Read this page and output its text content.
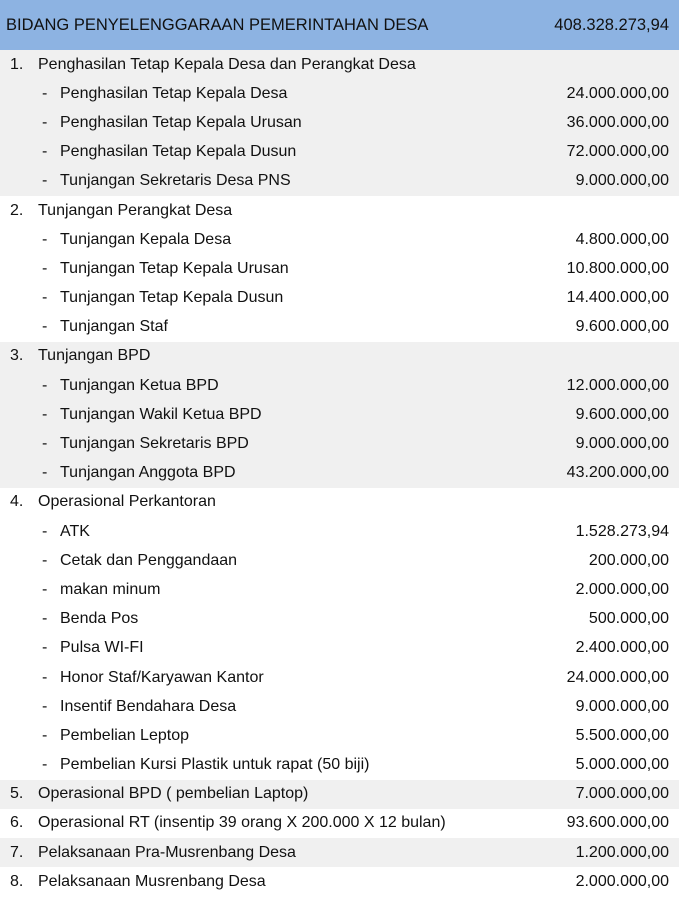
BIDANG PENYELENGGARAAN PEMERINTAHAN DESA	408.328.273,94
1. Penghasilan Tetap Kepala Desa dan Perangkat Desa
- Penghasilan Tetap Kepala Desa	24.000.000,00
- Penghasilan Tetap Kepala Urusan	36.000.000,00
- Penghasilan Tetap Kepala Dusun	72.000.000,00
- Tunjangan Sekretaris Desa PNS	9.000.000,00
2. Tunjangan Perangkat Desa
- Tunjangan Kepala Desa	4.800.000,00
- Tunjangan Tetap Kepala Urusan	10.800.000,00
- Tunjangan Tetap Kepala Dusun	14.400.000,00
- Tunjangan Staf	9.600.000,00
3. Tunjangan BPD
- Tunjangan Ketua BPD	12.000.000,00
- Tunjangan Wakil Ketua BPD	9.600.000,00
- Tunjangan Sekretaris BPD	9.000.000,00
- Tunjangan Anggota BPD	43.200.000,00
4. Operasional Perkantoran
- ATK	1.528.273,94
- Cetak dan Penggandaan	200.000,00
- makan minum	2.000.000,00
- Benda Pos	500.000,00
- Pulsa WI-FI	2.400.000,00
- Honor Staf/Karyawan Kantor	24.000.000,00
- Insentif Bendahara Desa	9.000.000,00
- Pembelian Leptop	5.500.000,00
- Pembelian Kursi Plastik untuk rapat (50 biji)	5.000.000,00
5. Operasional BPD ( pembelian Laptop)	7.000.000,00
6. Operasional RT (insentip 39 orang X 200.000 X 12 bulan)	93.600.000,00
7. Pelaksanaan Pra-Musrenbang Desa	1.200.000,00
8. Pelaksanaan Musrenbang Desa	2.000.000,00
